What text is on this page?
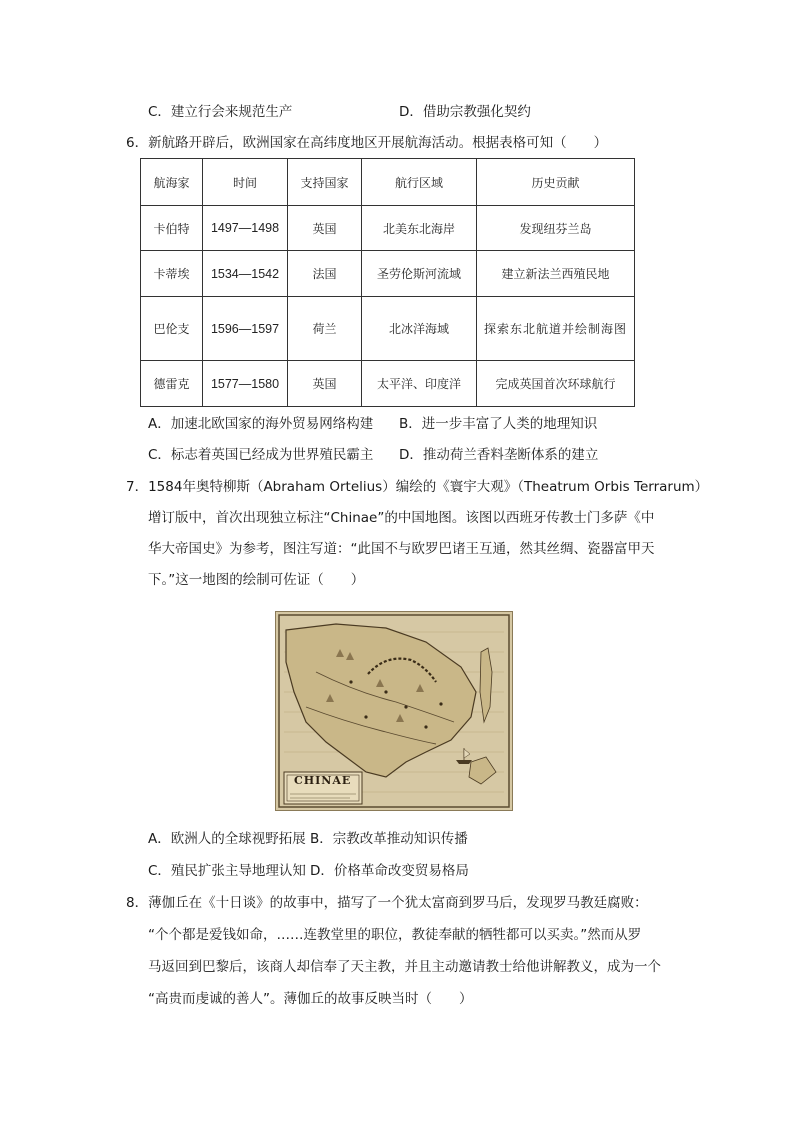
C．建立行会来规范生产	D．借助宗教强化契约
6．新航路开辟后，欧洲国家在高纬度地区开展航海活动。根据表格可知（　　）
航海家	时间	支持国家	航行区域	历史贡献
卡伯特	1497—1498	英国	北美东北海岸	发现纽芬兰岛
卡蒂埃	1534—1542	法国	圣劳伦斯河流域	建立新法兰西殖民地
巴伦支	1596—1597	荷兰	北冰洋海域	探索东北航道并绘制海图
德雷克	1577—1580	英国	太平洋、印度洋	完成英国首次环球航行
A．加速北欧国家的海外贸易网络构建 B．进一步丰富了人类的地理知识
C．标志着英国已经成为世界殖民霸主 D．推动荷兰香料垄断体系的建立
7．1584年奥特柳斯（Abraham Ortelius）编绘的《寰宇大观》（Theatrum Orbis Terrarum）
增订版中，首次出现独立标注“Chinae”的中国地图。该图以西班牙传教士门多萨《中
华大帝国史》为参考，图注写道：“此国不与欧罗巴诸王互通，然其丝绸、瓷器富甲天
下。”这一地图的绘制可佐证（　　）
CHINAE
A．欧洲人的全球视野拓展 B．宗教改革推动知识传播
C．殖民扩张主导地理认知 D．价格革命改变贸易格局
8．薄伽丘在《十日谈》的故事中，描写了一个犹太富商到罗马后，发现罗马教廷腐败：
“个个都是爱钱如命，……连教堂里的职位，教徒奉献的牺牲都可以买卖。”然而从罗
马返回到巴黎后，该商人却信奉了天主教，并且主动邀请教士给他讲解教义，成为一个
“高贵而虔诚的善人”。薄伽丘的故事反映当时（　　）
